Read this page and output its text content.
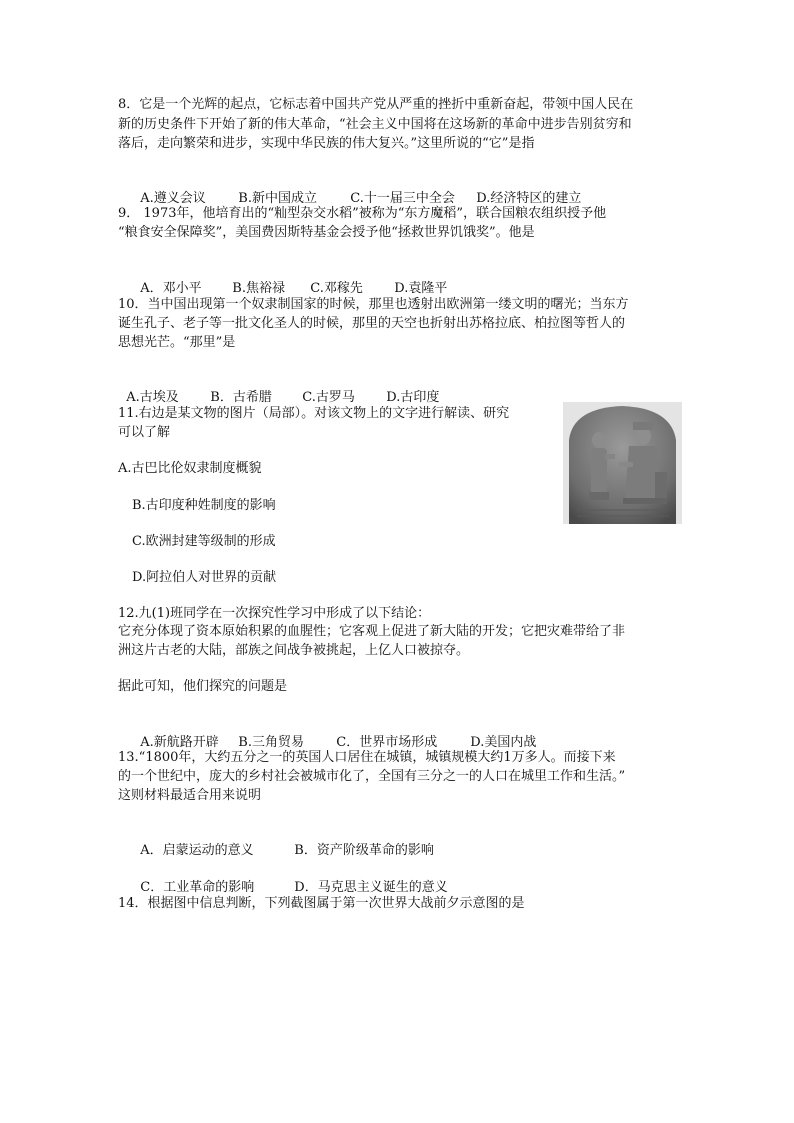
8．它是一个光辉的起点，它标志着中国共产党从严重的挫折中重新奋起，带领中国人民在
新的历史条件下开始了新的伟大革命，“社会主义中国将在这场新的革命中进步告别贫穷和
落后，走向繁荣和进步，实现中华民族的伟大复兴。”这里所说的“它”是指

A.遵义会议 B.新中国成立	C.十一届三中全会 D.经济特区的建立

9． 1973年，他培育出的“籼型杂交水稻”被称为“东方魔稻”，联合国粮农组织授予他
“粮食安全保障奖”，美国费因斯特基金会授予他“拯救世界饥饿奖”。他是

A．邓小平 B.焦裕禄 C.邓稼先 D.袁隆平

10．当中国出现第一个奴隶制国家的时候，那里也透射出欧洲第一缕文明的曙光；当东方
诞生孔子、老子等一批文化圣人的时候，那里的天空也折射出苏格拉底、柏拉图等哲人的
思想光芒。“那里”是

A.古埃及 B．古希腊 C.古罗马 D.古印度

11.右边是某文物的图片（局部）。对该文物上的文字进行解读、研究
可以了解
A.古巴比伦奴隶制度概貌
B.古印度种姓制度的影响
C.欧洲封建等级制的形成
D.阿拉伯人对世界的贡献
12.九(1)班同学在一次探究性学习中形成了以下结论：
它充分体现了资本原始积累的血腥性；它客观上促进了新大陆的开发；它把灾难带给了非
洲这片古老的大陆，部族之间战争被挑起，上亿人口被掠夺。
据此可知，他们探究的问题是

A.新航路开辟 B.三角贸易 C．世界市场形成	D.美国内战

13.“1800年，大约五分之一的英国人口居住在城镇，城镇规模大约1万多人。而接下来
的一个世纪中，庞大的乡村社会被城市化了，全国有三分之一的人口在城里工作和生活。”
这则材料最适合用来说明

A．启蒙运动的意义	B．资产阶级革命的影响

C．工业革命的影响	D．马克思主义诞生的意义

14．根据图中信息判断，下列截图属于第一次世界大战前夕示意图的是
